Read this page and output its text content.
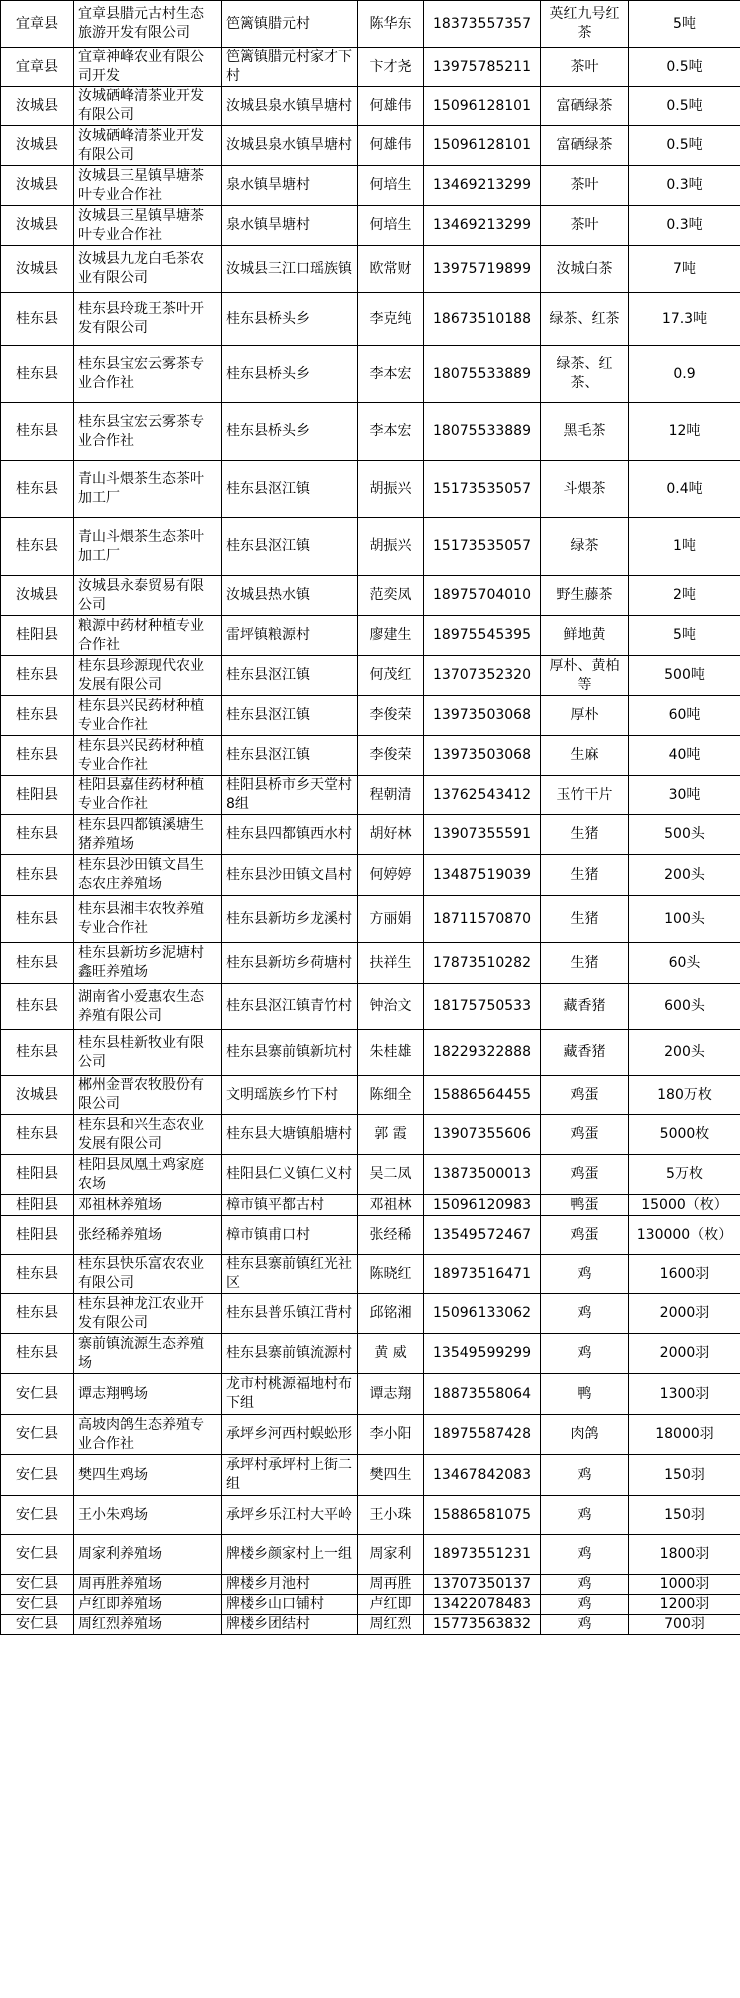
宜章县	宜章县腊元古村生态旅游开发有限公司	笆篱镇腊元村	陈华东	18373557357	英红九号红茶	5吨
宜章县	宜章神峰农业有限公司开发	笆篱镇腊元村家才下村	卞才尧	13975785211	茶叶	0.5吨
汝城县	汝城硒峰清茶业开发有限公司	汝城县泉水镇旱塘村	何雄伟	15096128101	富硒绿茶	0.5吨
汝城县	汝城硒峰清茶业开发有限公司	汝城县泉水镇旱塘村	何雄伟	15096128101	富硒绿茶	0.5吨
汝城县	汝城县三星镇旱塘茶叶专业合作社	泉水镇旱塘村	何培生	13469213299	茶叶	0.3吨
汝城县	汝城县三星镇旱塘茶叶专业合作社	泉水镇旱塘村	何培生	13469213299	茶叶	0.3吨
汝城县	汝城县九龙白毛茶农业有限公司	汝城县三江口瑶族镇	欧常财	13975719899	汝城白茶	7吨
桂东县	桂东县玲珑王茶叶开发有限公司	桂东县桥头乡	李克纯	18673510188	绿茶、红茶	17.3吨
桂东县	桂东县宝宏云雾茶专业合作社	桂东县桥头乡	李本宏	18075533889	绿茶、红茶、	0.9
桂东县	桂东县宝宏云雾茶专业合作社	桂东县桥头乡	李本宏	18075533889	黑毛茶	12吨
桂东县	青山斗煨茶生态茶叶加工厂	桂东县沤江镇	胡振兴	15173535057	斗煨茶	0.4吨
桂东县	青山斗煨茶生态茶叶加工厂	桂东县沤江镇	胡振兴	15173535057	绿茶	1吨
汝城县	汝城县永泰贸易有限公司	汝城县热水镇	范奕凤	18975704010	野生藤茶	2吨
桂阳县	粮源中药材种植专业合作社	雷坪镇粮源村	廖建生	18975545395	鲜地黄	5吨
桂东县	桂东县珍源现代农业发展有限公司	桂东县沤江镇	何茂红	13707352320	厚朴、黄柏等	500吨
桂东县	桂东县兴民药材种植专业合作社	桂东县沤江镇	李俊荣	13973503068	厚朴	60吨
桂东县	桂东县兴民药材种植专业合作社	桂东县沤江镇	李俊荣	13973503068	生麻	40吨
桂阳县	桂阳县嘉佳药材种植专业合作社	桂阳县桥市乡天堂村8组	程朝清	13762543412	玉竹干片	30吨
桂东县	桂东县四都镇溪塘生猪养殖场	桂东县四都镇西水村	胡好林	13907355591	生猪	500头
桂东县	桂东县沙田镇文昌生态农庄养殖场	桂东县沙田镇文昌村	何婷婷	13487519039	生猪	200头
桂东县	桂东县湘丰农牧养殖专业合作社	桂东县新坊乡龙溪村	方丽娟	18711570870	生猪	100头
桂东县	桂东县新坊乡泥塘村鑫旺养殖场	桂东县新坊乡荷塘村	扶祥生	17873510282	生猪	60头
桂东县	湖南省小爱惠农生态养殖有限公司	桂东县沤江镇青竹村	钟治文	18175750533	藏香猪	600头
桂东县	桂东县桂新牧业有限公司	桂东县寨前镇新坑村	朱桂雄	18229322888	藏香猪	200头
汝城县	郴州金晋农牧股份有限公司	文明瑶族乡竹下村	陈细全	15886564455	鸡蛋	180万枚
桂东县	桂东县和兴生态农业发展有限公司	桂东县大塘镇船塘村	郭 霞	13907355606	鸡蛋	5000枚
桂阳县	桂阳县凤凰土鸡家庭农场	桂阳县仁义镇仁义村	吴二凤	13873500013	鸡蛋	5万枚
桂阳县	邓祖林养殖场	樟市镇平都古村	邓祖林	15096120983	鸭蛋	15000（枚）
桂阳县	张经稀养殖场	樟市镇甫口村	张经稀	13549572467	鸡蛋	130000（枚）
桂东县	桂东县快乐富农农业有限公司	桂东县寨前镇红光社区	陈晓红	18973516471	鸡	1600羽
桂东县	桂东县神龙江农业开发有限公司	桂东县普乐镇江背村	邱铭湘	15096133062	鸡	2000羽
桂东县	寨前镇流源生态养殖场	桂东县寨前镇流源村	黄 威	13549599299	鸡	2000羽
安仁县	谭志翔鸭场	龙市村桃源福地村布下组	谭志翔	18873558064	鸭	1300羽
安仁县	高坡肉鸽生态养殖专业合作社	承坪乡河西村蜈蚣形	李小阳	18975587428	肉鸽	18000羽
安仁县	樊四生鸡场	承坪村承坪村上街二组	樊四生	13467842083	鸡	150羽
安仁县	王小朱鸡场	承坪乡乐江村大平岭	王小珠	15886581075	鸡	150羽
安仁县	周家利养殖场	牌楼乡颜家村上一组	周家利	18973551231	鸡	1800羽
安仁县	周再胜养殖场	牌楼乡月池村	周再胜	13707350137	鸡	1000羽
安仁县	卢红即养殖场	牌楼乡山口铺村	卢红即	13422078483	鸡	1200羽
安仁县	周红烈养殖场	牌楼乡团结村	周红烈	15773563832	鸡	700羽
